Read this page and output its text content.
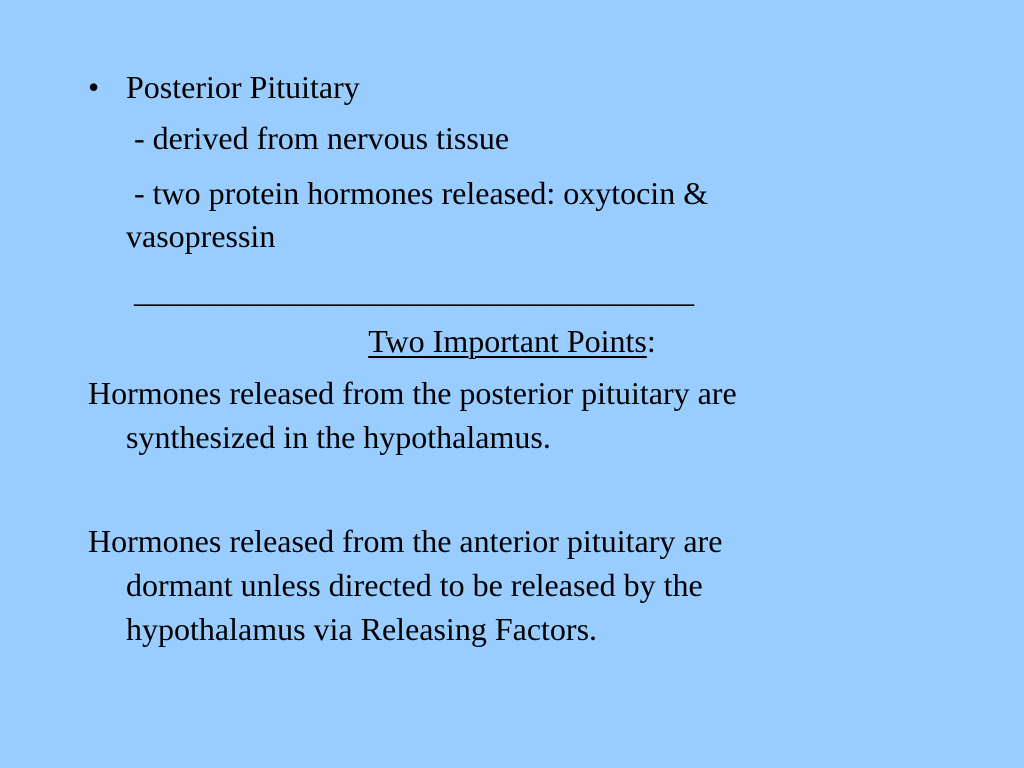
• Posterior Pituitary

- derived from nervous tissue

- two protein hormones released: oxytocin &

vasopressin

___________________________________

Two Important Points:

Hormones released from the posterior pituitary are

synthesized in the hypothalamus.

Hormones released from the anterior pituitary are

dormant unless directed to be released by the

hypothalamus via Releasing Factors.
